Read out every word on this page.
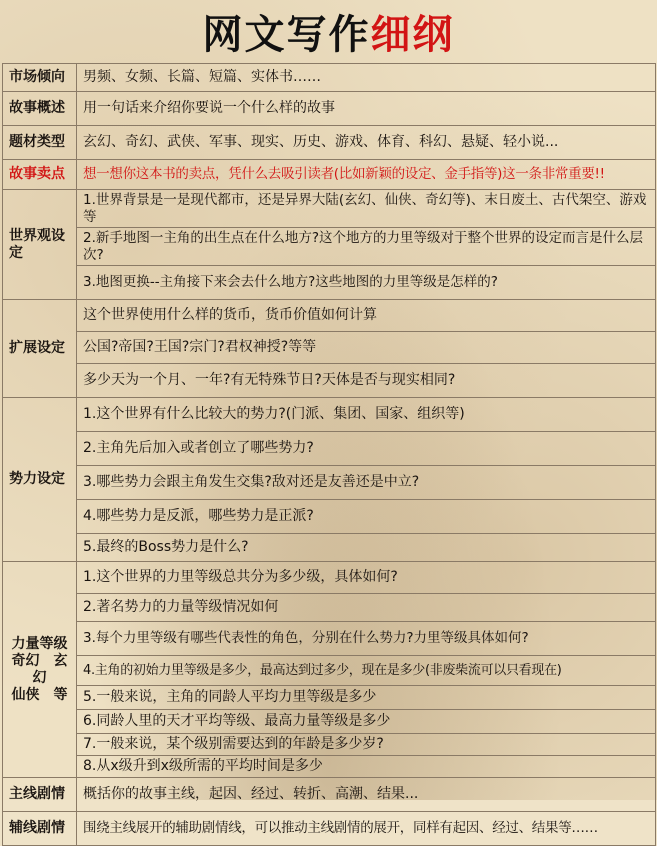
网文写作细纲
市场倾向	男频、女频、长篇、短篇、实体书……
故事概述	用一句话来介绍你要说一个什么样的故事
题材类型	玄幻、奇幻、武侠、军事、现实、历史、游戏、体育、科幻、悬疑、轻小说...
故事卖点	想一想你这本书的卖点，凭什么去吸引读者(比如新颖的设定、金手指等)这一条非常重要!!
世界观设定	1.世界背景是一是现代都市，还是异界大陆(玄幻、仙侠、奇幻等)、末日废土、古代架空、游戏等
	2.新手地图一主角的出生点在什么地方?这个地方的力里等级对于整个世界的设定而言是什么层次?
	3.地图更换--主角接下来会去什么地方?这些地图的力里等级是怎样的?
扩展设定	这个世界使用什么样的货币，货币价值如何计算
	公国?帝国?王国?宗门?君权神授?等等
	多少天为一个月、一年?有无特殊节日?天体是否与现实相同?
势力设定	1.这个世界有什么比较大的势力?(门派、集团、国家、组织等)
	2.主角先后加入或者创立了哪些势力?
	3.哪些势力会跟主角发生交集?敌对还是友善还是中立?
	4.哪些势力是反派，哪些势力是正派?
	5.最终的Boss势力是什么?

力量等级
奇幻　玄幻
仙侠　等	1.这个世界的力里等级总共分为多少级，具体如何?
	2.著名势力的力量等级情况如何
	3.每个力里等级有哪些代表性的角色，分别在什么势力?力里等级具体如何?
	4.主角的初始力里等级是多少，最高达到过多少，现在是多少(非废柴流可以只看现在)
	5.一般来说，主角的同龄人平均力里等级是多少
	6.同龄人里的天才平均等级、最高力量等级是多少
	7.一般来说，某个级别需要达到的年龄是多少岁?
	8.从x级升到x级所需的平均时间是多少
主线剧情	概括你的故事主线，起因、经过、转折、高潮、结果...
辅线剧情	围绕主线展开的辅助剧情线，可以推动主线剧情的展开，同样有起因、经过、结果等……
